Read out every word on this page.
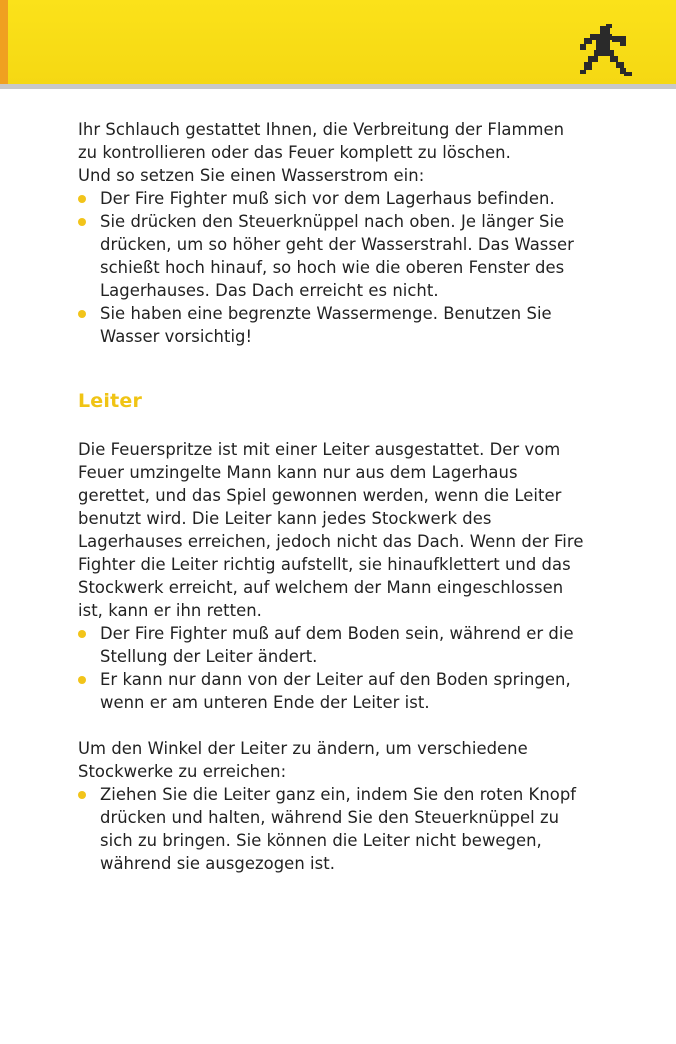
Ihr Schlauch gestattet Ihnen, die Verbreitung der Flammen
zu kontrollieren oder das Feuer komplett zu löschen.
Und so setzen Sie einen Wasserstrom ein:

Der Fire Fighter muß sich vor dem Lagerhaus befinden.
Sie drücken den Steuerknüppel nach oben. Je länger Sie
drücken, um so höher geht der Wasserstrahl. Das Wasser
schießt hoch hinauf, so hoch wie die oberen Fenster des
Lagerhauses. Das Dach erreicht es nicht.
Sie haben eine begrenzte Wassermenge. Benutzen Sie
Wasser vorsichtig!
Leiter

Die Feuerspritze ist mit einer Leiter ausgestattet. Der vom
Feuer umzingelte Mann kann nur aus dem Lagerhaus
gerettet, und das Spiel gewonnen werden, wenn die Leiter
benutzt wird. Die Leiter kann jedes Stockwerk des
Lagerhauses erreichen, jedoch nicht das Dach. Wenn der Fire
Fighter die Leiter richtig aufstellt, sie hinaufklettert und das
Stockwerk erreicht, auf welchem der Mann eingeschlossen
ist, kann er ihn retten.

Der Fire Fighter muß auf dem Boden sein, während er die
Stellung der Leiter ändert.
Er kann nur dann von der Leiter auf den Boden springen,
wenn er am unteren Ende der Leiter ist.

Um den Winkel der Leiter zu ändern, um verschiedene
Stockwerke zu erreichen:

Ziehen Sie die Leiter ganz ein, indem Sie den roten Knopf
drücken und halten, während Sie den Steuerknüppel zu
sich zu bringen. Sie können die Leiter nicht bewegen,
während sie ausgezogen ist.
